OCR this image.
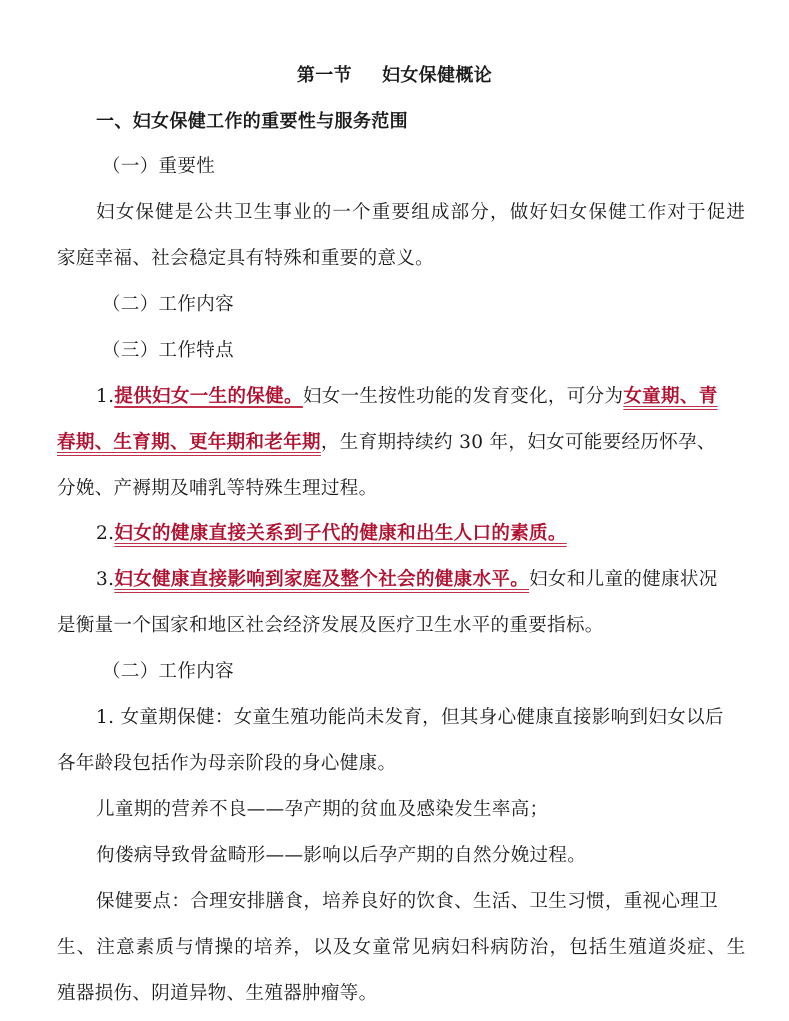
第一节 妇女保健概论
一、妇女保健工作的重要性与服务范围
（一）重要性
妇女保健是公共卫生事业的一个重要组成部分，做好妇女保健工作对于促进
家庭幸福、社会稳定具有特殊和重要的意义。
（二）工作内容
（三）工作特点
1.提供妇女一生的保健。妇女一生按性功能的发育变化，可分为女童期、青
春期、生育期、更年期和老年期，生育期持续约 30 年，妇女可能要经历怀孕、
分娩、产褥期及哺乳等特殊生理过程。
2.妇女的健康直接关系到子代的健康和出生人口的素质。
3.妇女健康直接影响到家庭及整个社会的健康水平。妇女和儿童的健康状况
是衡量一个国家和地区社会经济发展及医疗卫生水平的重要指标。
（二）工作内容
1. 女童期保健：女童生殖功能尚未发育，但其身心健康直接影响到妇女以后
各年龄段包括作为母亲阶段的身心健康。
儿童期的营养不良——孕产期的贫血及感染发生率高；
佝偻病导致骨盆畸形——影响以后孕产期的自然分娩过程。
保健要点：合理安排膳食，培养良好的饮食、生活、卫生习惯，重视心理卫
生、注意素质与情操的培养，以及女童常见病妇科病防治，包括生殖道炎症、生
殖器损伤、阴道异物、生殖器肿瘤等。
